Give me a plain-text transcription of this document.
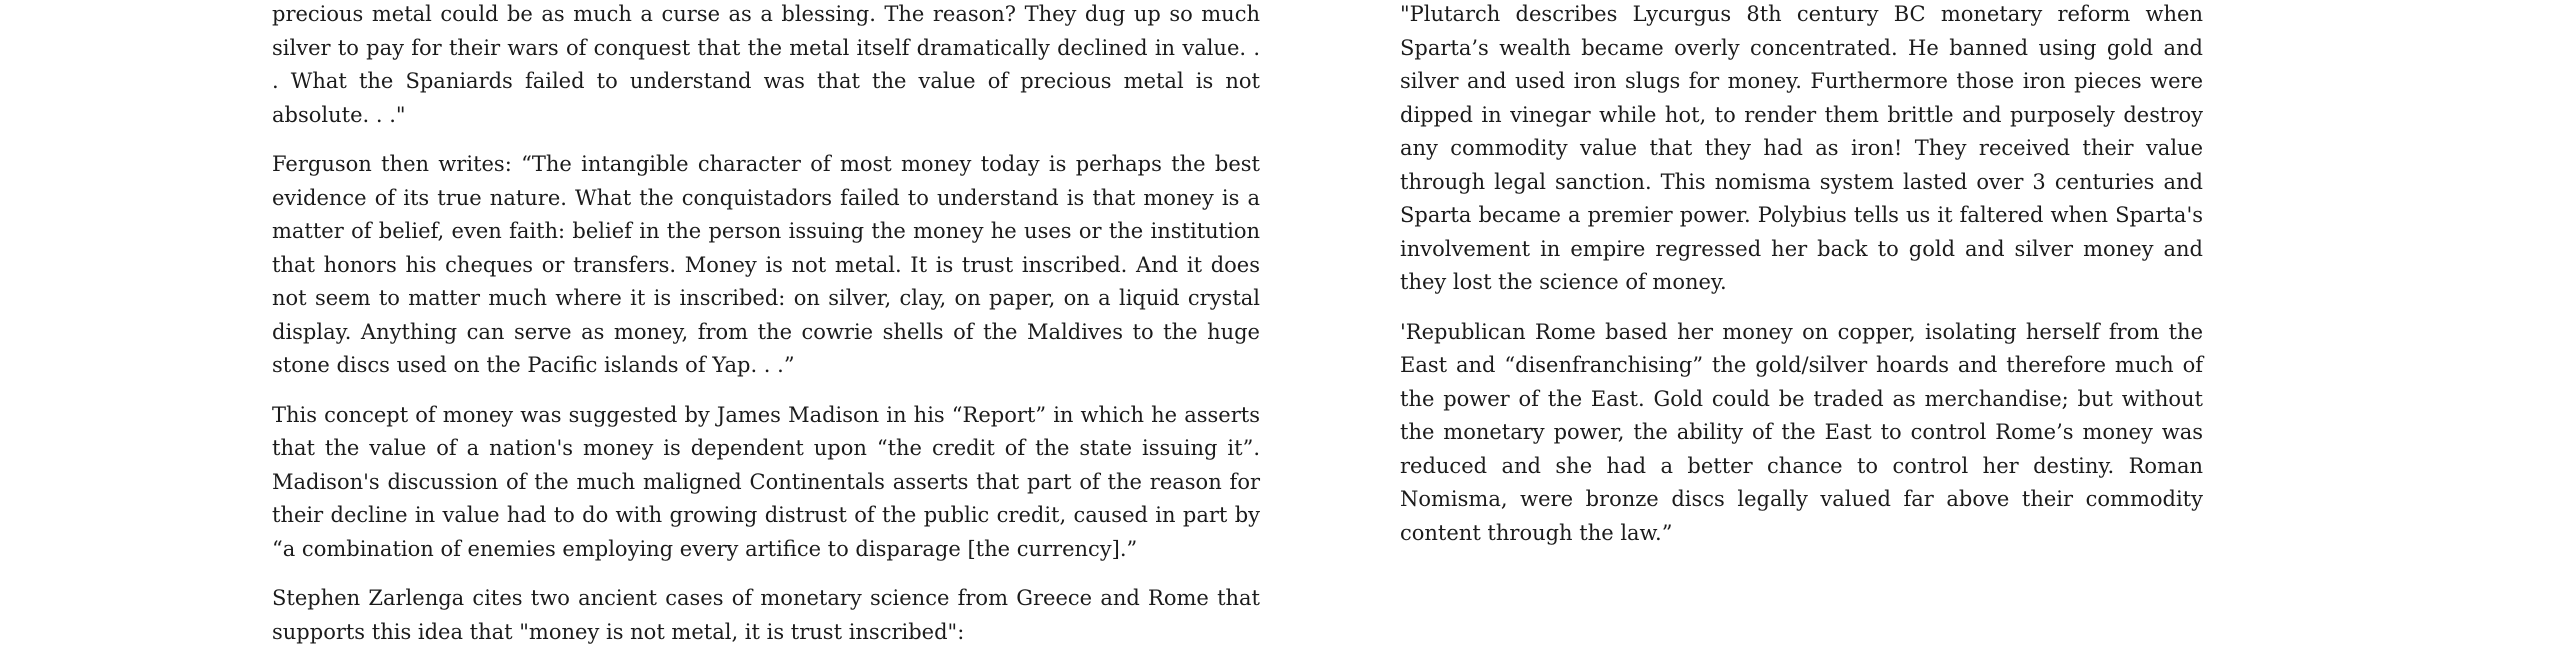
precious metal could be as much a curse as a blessing. The reason? They dug up so much silver to pay for their wars of conquest that the metal itself dramatically declined in value. . . What the Spaniards failed to understand was that the value of precious metal is not absolute. . ."

Ferguson then writes: “The intangible character of most money today is perhaps the best evidence of its true nature. What the conquistadors failed to understand is that money is a matter of belief, even faith: belief in the person issuing the money he uses or the institution that honors his cheques or transfers. Money is not metal. It is trust inscribed. And it does not seem to matter much where it is inscribed: on silver, clay, on paper, on a liquid crystal display. Anything can serve as money, from the cowrie shells of the Maldives to the huge stone discs used on the Pacific islands of Yap. . .”

This concept of money was suggested by James Madison in his “Report” in which he asserts that the value of a nation's money is dependent upon “the credit of the state issuing it”. Madison's discussion of the much maligned Continentals asserts that part of the reason for their decline in value had to do with growing distrust of the public credit, caused in part by “a combination of enemies employing every artifice to disparage [the currency].”

Stephen Zarlenga cites two ancient cases of monetary science from Greece and Rome that supports this idea that "money is not metal, it is trust inscribed":

"Plutarch describes Lycurgus 8th century BC monetary reform when Sparta’s wealth became overly concentrated. He banned using gold and silver and used iron slugs for money. Furthermore those iron pieces were dipped in vinegar while hot, to render them brittle and purposely destroy any commodity value that they had as iron! They received their value through legal sanction. This nomisma system lasted over 3 centuries and Sparta became a premier power. Polybius tells us it faltered when Sparta's involvement in empire regressed her back to gold and silver money and they lost the science of money.

'Republican Rome based her money on copper, isolating herself from the East and “disenfranchising” the gold/silver hoards and therefore much of the power of the East. Gold could be traded as merchandise; but without the monetary power, the ability of the East to control Rome’s money was reduced and she had a better chance to control her destiny. Roman Nomisma, were bronze discs legally valued far above their commodity content through the law.”
